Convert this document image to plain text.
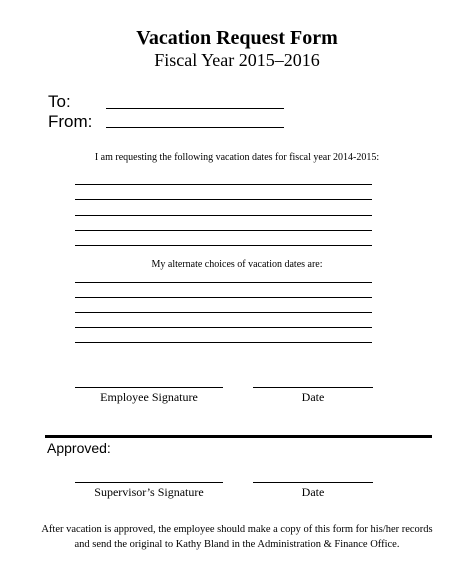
Vacation Request Form
Fiscal Year 2015–2016
To:
From:
I am requesting the following vacation dates for fiscal year 2014-2015:
My alternate choices of vacation dates are:
Employee Signature	Date
Approved:
Supervisor’s Signature	Date
After vacation is approved, the employee should make a copy of this form for his/her records
and send the original to Kathy Bland in the Administration & Finance Office.
